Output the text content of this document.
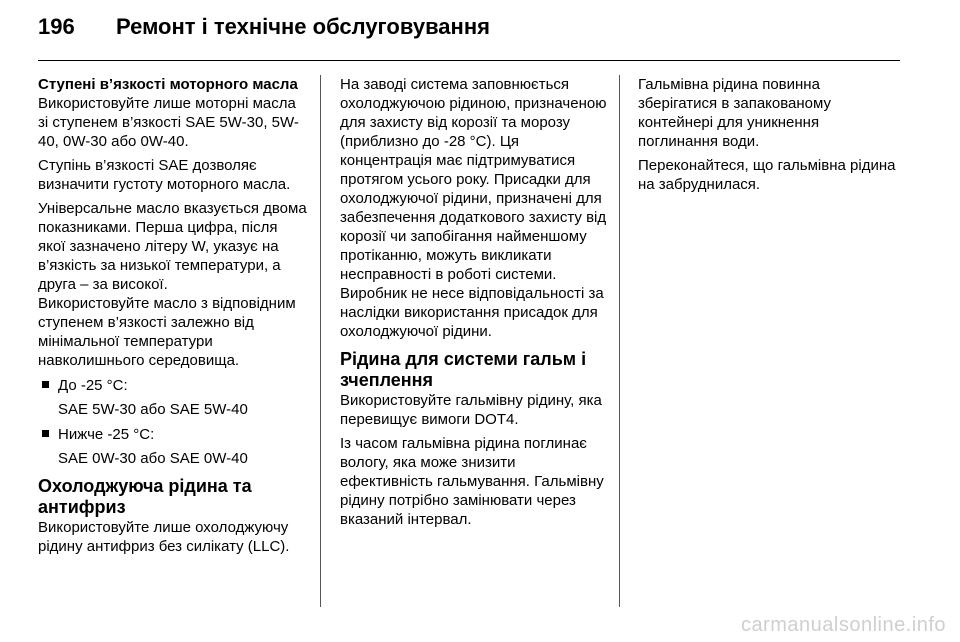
196	Ремонт і технічне обслуговування
Ступені в’язкості моторного масла

Використовуйте лише моторні масла зі ступенем в’язкості SAE 5W-30, 5W-40, 0W-30 або 0W-40.

Ступінь в’язкості SAE дозволяє визначити густоту моторного масла.

Універсальне масло вказується двома показниками. Перша цифра, після якої зазначено літеру W, указує на в’язкість за низької температури, а друга – за високої.

Використовуйте масло з відповідним ступенем в’язкості залежно від мінімальної температури навколишнього середовища.

До -25 °C:
SAE 5W-30 або SAE 5W-40
Нижче -25 °C:
SAE 0W-30 або SAE 0W-40
Охолоджуюча рідина та антифриз

Використовуйте лише охолоджуючу рідину антифриз без силікату (LLC).

На заводі система заповнюється охолоджуючою рідиною, призначеною для захисту від корозії та морозу (приблизно до -28 °C). Ця концентрація має підтримуватися протягом усього року. Присадки для охолоджуючої рідини, призначені для забезпечення додаткового захисту від корозії чи запобігання найменшому протіканню, можуть викликати несправності в роботі системи. Виробник не несе відповідальності за наслідки використання присадок для охолоджуючої рідини.

Рідина для системи гальм і зчеплення

Використовуйте гальмівну рідину, яка перевищує вимоги DOT4.

Із часом гальмівна рідина поглинає вологу, яка може знизити ефективність гальмування. Гальмівну рідину потрібно замінювати через вказаний інтервал.

Гальмівна рідина повинна зберігатися в запакованому контейнері для уникнення поглинання води.

Переконайтеся, що гальмівна рідина на забруднилася.

carmanualsonline.info
